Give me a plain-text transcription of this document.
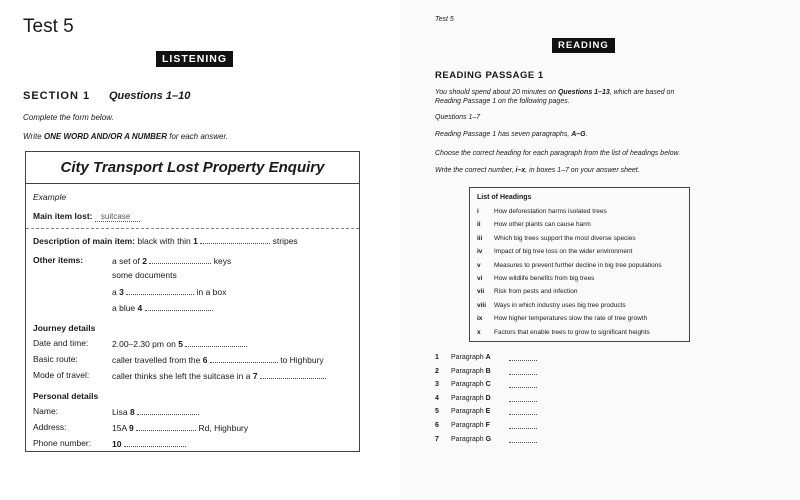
Test 5
LISTENING
SECTION 1 Questions 1–10
Complete the form below.
Write ONE WORD AND/OR A NUMBER for each answer.
City Transport Lost Property Enquiry
Example
Main item lost: suitcase
Description of main item: black with thin 1	stripes
Other items:	a set of 2	keys
some documents
a 3	in a box
a blue 4
Journey details
Date and time:	2.00–2.30 pm on 5
Basic route:	caller travelled from the 6	to Highbury
Mode of travel:	caller thinks she left the suitcase in a 7
Personal details
Name:	Lisa 8
Address:	15A 9	Rd, Highbury
Phone number: 10
Test 5
READING
READING PASSAGE 1
You should spend about 20 minutes on Questions 1–13, which are based on
Reading Passage 1 on the following pages.
Questions 1–7
Reading Passage 1 has seven paragraphs, A–G.
Choose the correct heading for each paragraph from the list of headings below.
Write the correct number, i–x, in boxes 1–7 on your answer sheet.
List of Headings
i How deforestation harms isolated trees
ii How other plants can cause harm
iii Which big trees support the most diverse species
iv Impact of big tree loss on the wider environment
v Measures to prevent further decline in big tree populations
vi How wildlife benefits from big trees
vii Risk from pests and infection
viii Ways in which industry uses big tree products
ix How higher temperatures slow the rate of tree growth
x Factors that enable trees to grow to significant heights
1 Paragraph A
2 Paragraph B
3 Paragraph C
4 Paragraph D
5 Paragraph E
6 Paragraph F
7 Paragraph G
